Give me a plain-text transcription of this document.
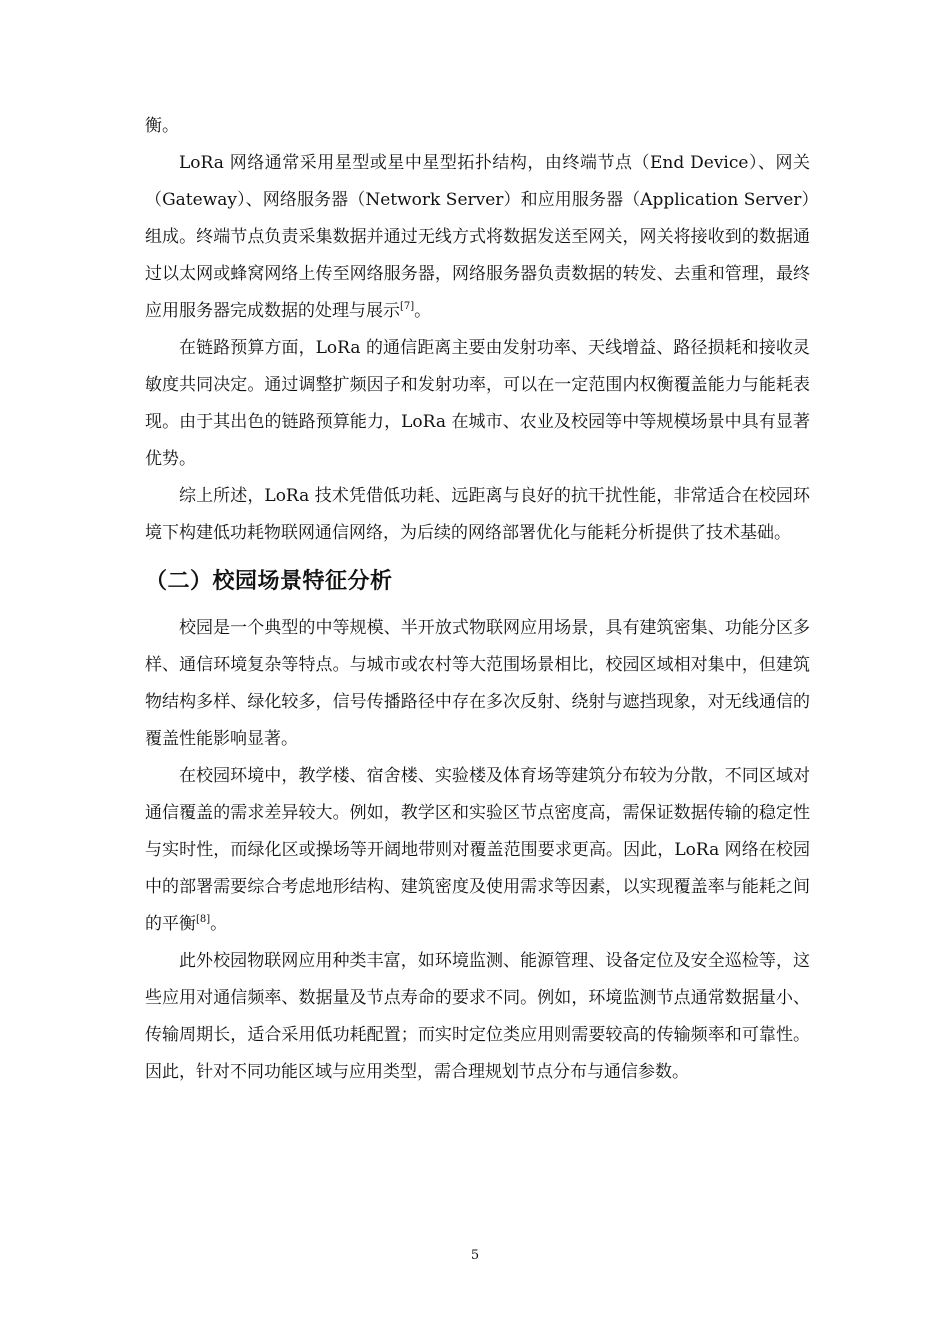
衡。

LoRa 网络通常采用星型或星中星型拓扑结构，由终端节点（End Device）、网关（Gateway）、网络服务器（Network Server）和应用服务器（Application Server）组成。终端节点负责采集数据并通过无线方式将数据发送至网关，网关将接收到的数据通过以太网或蜂窝网络上传至网络服务器，网络服务器负责数据的转发、去重和管理，最终应用服务器完成数据的处理与展示[7]。

在链路预算方面，LoRa 的通信距离主要由发射功率、天线增益、路径损耗和接收灵敏度共同决定。通过调整扩频因子和发射功率，可以在一定范围内权衡覆盖能力与能耗表现。由于其出色的链路预算能力，LoRa 在城市、农业及校园等中等规模场景中具有显著优势。

综上所述，LoRa 技术凭借低功耗、远距离与良好的抗干扰性能，非常适合在校园环境下构建低功耗物联网通信网络，为后续的网络部署优化与能耗分析提供了技术基础。

（二）校园场景特征分析

校园是一个典型的中等规模、半开放式物联网应用场景，具有建筑密集、功能分区多样、通信环境复杂等特点。与城市或农村等大范围场景相比，校园区域相对集中，但建筑物结构多样、绿化较多，信号传播路径中存在多次反射、绕射与遮挡现象，对无线通信的覆盖性能影响显著。

在校园环境中，教学楼、宿舍楼、实验楼及体育场等建筑分布较为分散，不同区域对通信覆盖的需求差异较大。例如，教学区和实验区节点密度高，需保证数据传输的稳定性与实时性，而绿化区或操场等开阔地带则对覆盖范围要求更高。因此，LoRa 网络在校园中的部署需要综合考虑地形结构、建筑密度及使用需求等因素，以实现覆盖率与能耗之间的平衡[8]。

此外校园物联网应用种类丰富，如环境监测、能源管理、设备定位及安全巡检等，这些应用对通信频率、数据量及节点寿命的要求不同。例如，环境监测节点通常数据量小、传输周期长，适合采用低功耗配置；而实时定位类应用则需要较高的传输频率和可靠性。因此，针对不同功能区域与应用类型，需合理规划节点分布与通信参数。

5
